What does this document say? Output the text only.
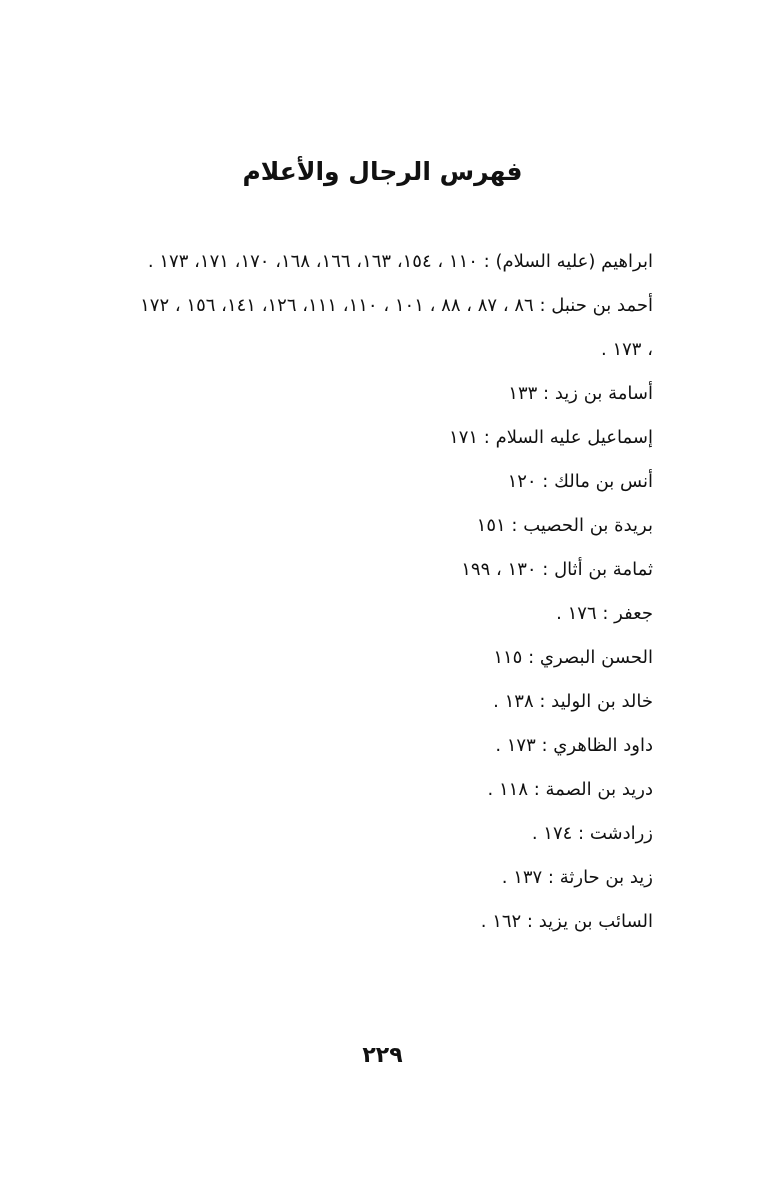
فهرس الرجال والأعلام
ابراهيم (عليه السلام) : ١١٠ ، ١٥٤، ١٦٣، ١٦٦، ١٦٨، ١٧٠، ١٧١، ١٧٣ .
أحمد بن حنبل : ٨٦ ، ٨٧ ، ٨٨ ، ١٠١ ، ١١٠، ١١١، ١٢٦، ١٤١، ١٥٦ ، ١٧٢ ، ١٧٣ .
أسامة بن زيد : ١٣٣
إسماعيل عليه السلام : ١٧١
أنس بن مالك : ١٢٠
بريدة بن الحصيب : ١٥١
ثمامة بن أثال : ١٣٠ ، ١٩٩
جعفر : ١٧٦ .
الحسن البصري : ١١٥
خالد بن الوليد : ١٣٨ .
داود الظاهري : ١٧٣ .
دريد بن الصمة : ١١٨ .
زرادشت : ١٧٤ .
زيد بن حارثة : ١٣٧ .
السائب بن يزيد : ١٦٢ .
٢٢٩
